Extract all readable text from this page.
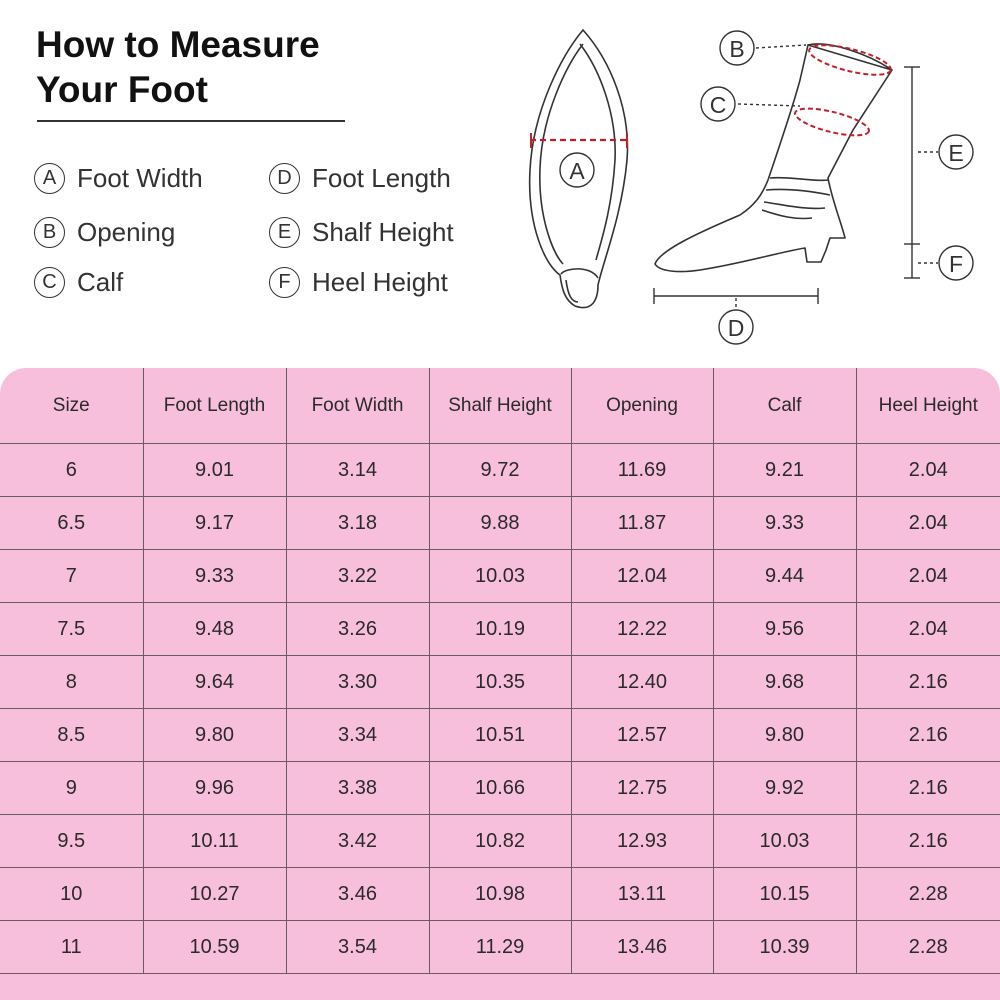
How to Measure
Your Foot
A Foot Width	D Foot Length
B Opening	E Shalf Height
C Calf	F Heel Height
A
B
C
E
F
D
Size	Foot Length	Foot Width	Shalf Height	Opening	Calf	Heel Height
6	9.01	3.14	9.72	11.69	9.21	2.04
6.5	9.17	3.18	9.88	11.87	9.33	2.04
7	9.33	3.22	10.03	12.04	9.44	2.04
7.5	9.48	3.26	10.19	12.22	9.56	2.04
8	9.64	3.30	10.35	12.40	9.68	2.16
8.5	9.80	3.34	10.51	12.57	9.80	2.16
9	9.96	3.38	10.66	12.75	9.92	2.16
9.5	10.11	3.42	10.82	12.93	10.03	2.16
10	10.27	3.46	10.98	13.11	10.15	2.28
11	10.59	3.54	11.29	13.46	10.39	2.28
